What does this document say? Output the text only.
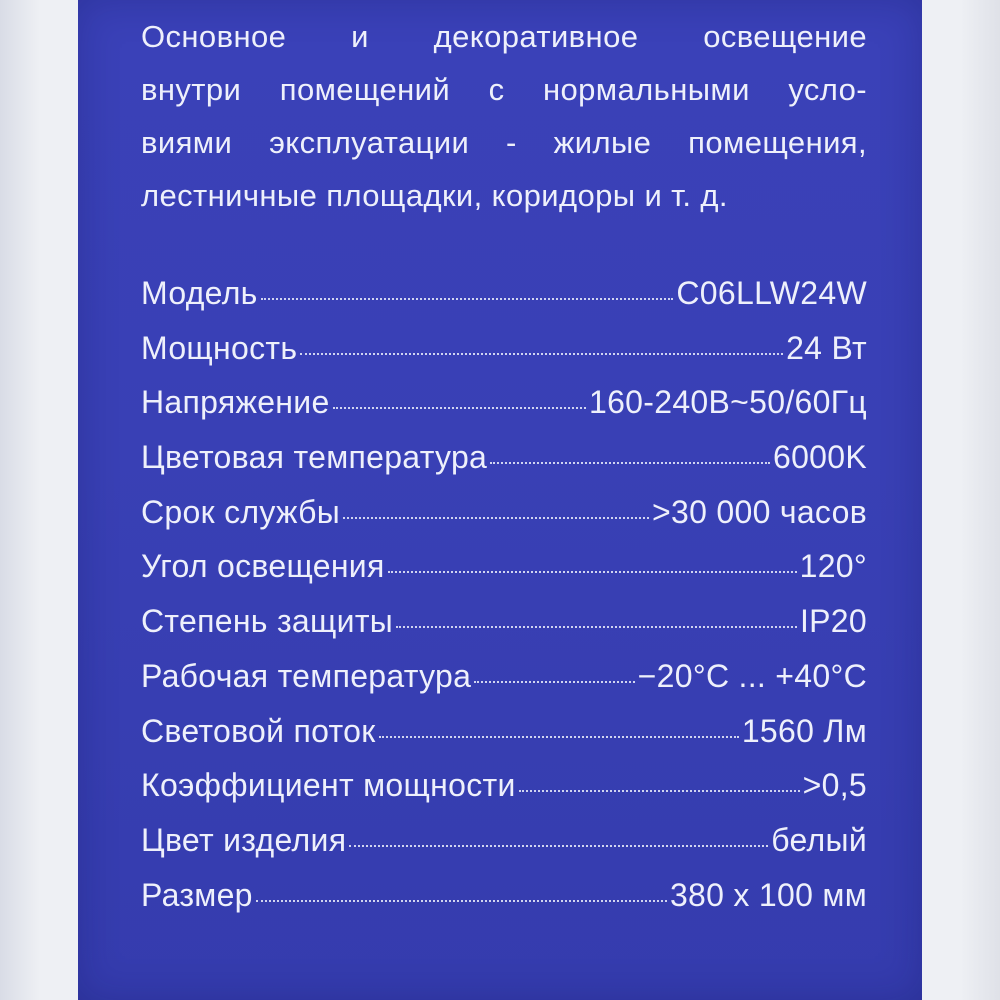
Основное и декоративное освещение
внутри помещений с нормальными усло-
виями эксплуатации - жилые помещения,
лестничные площадки, коридоры и т. д.
Модель	C06LLW24W
Мощность	24 Вт
Напряжение	160-240В~50/60Гц
Цветовая температура	6000K
Срок службы	>30 000 часов
Угол освещения	120°
Степень защиты	IP20
Рабочая температура	−20°C ... +40°C
Световой поток	1560 Лм
Коэффициент мощности	>0,5
Цвет изделия	белый
Размер	380 x 100 мм
